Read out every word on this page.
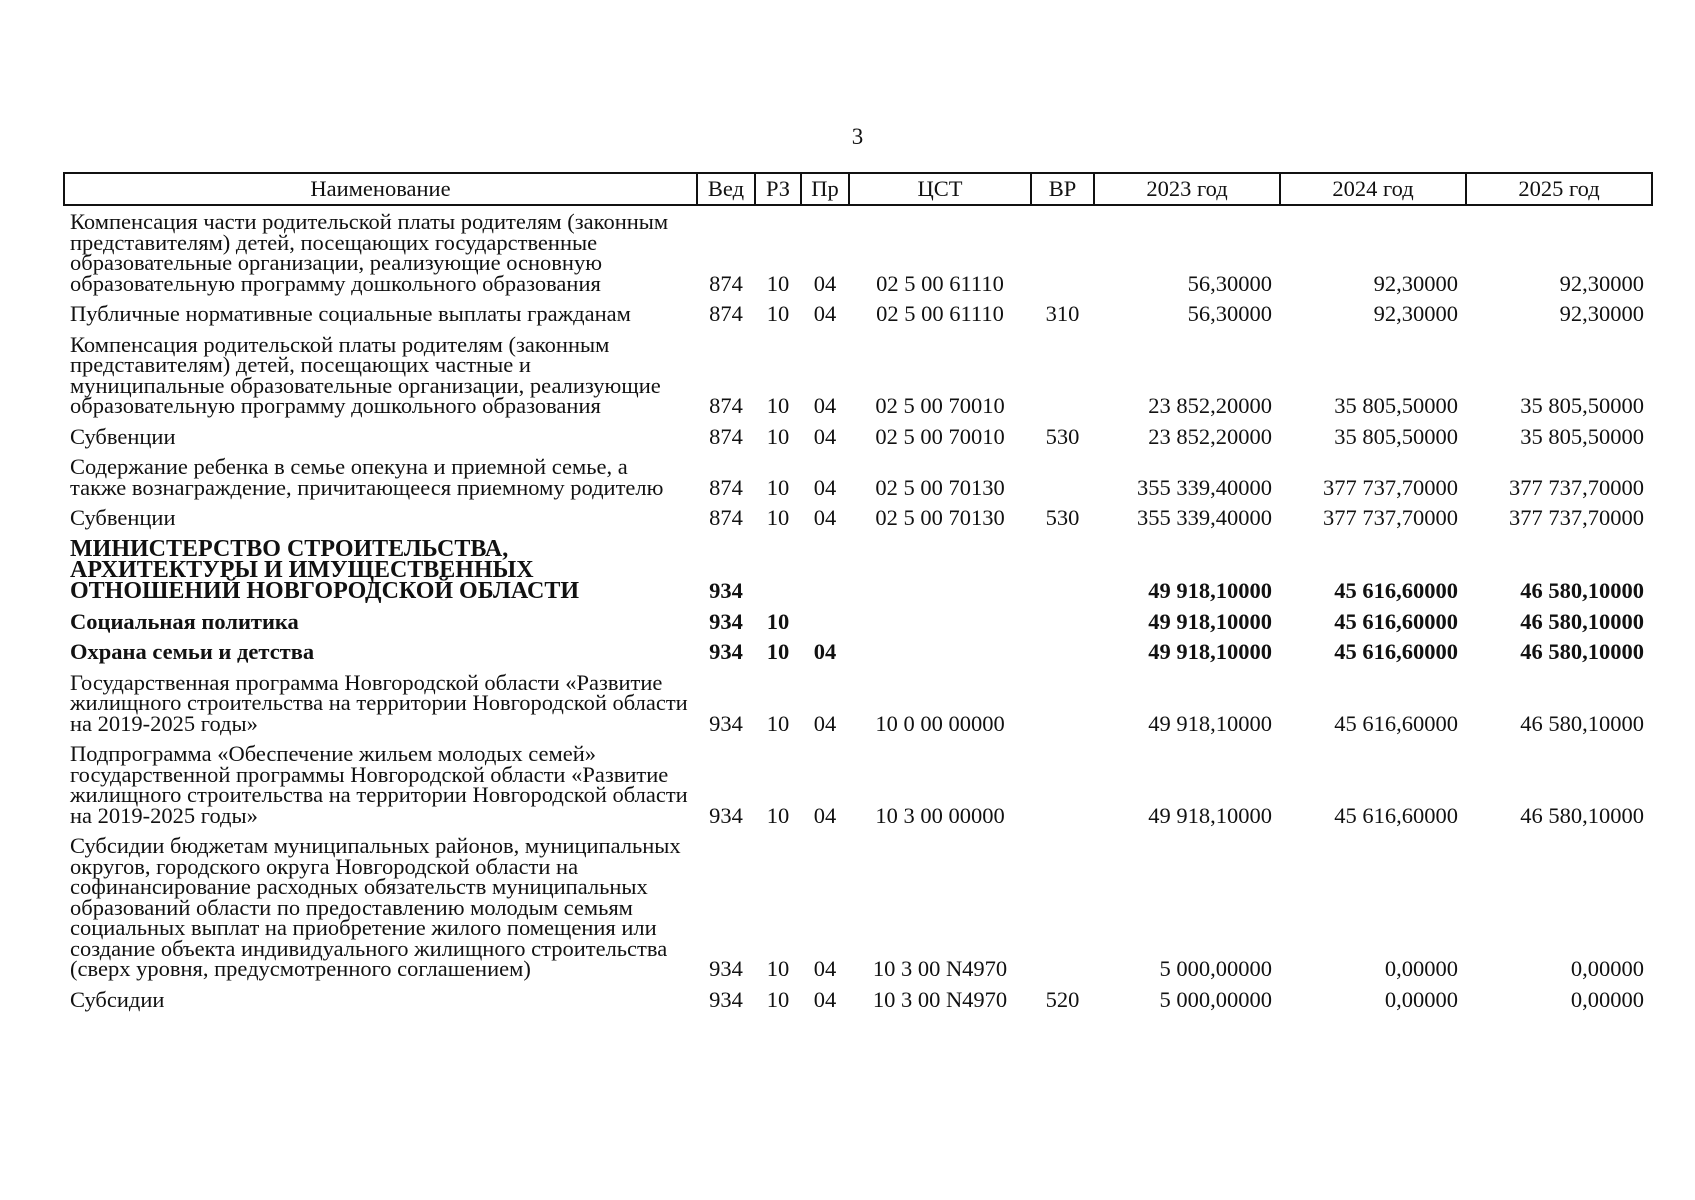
3
Наименование	Вед	РЗ	Пр	ЦСТ	ВР	2023 год	2024 год	2025 год
Компенсация части родительской платы родителям (законным представителям) детей, посещающих государственные образовательные организации, реализующие основную образовательную программу дошкольного образования	874	10	04	02 5 00 61110		56,30000	92,30000	92,30000
Публичные нормативные социальные выплаты гражданам	874	10	04	02 5 00 61110	310	56,30000	92,30000	92,30000
Компенсация родительской платы родителям (законным представителям) детей, посещающих частные и муниципальные образовательные организации, реализующие образовательную программу дошкольного образования	874	10	04	02 5 00 70010		23 852,20000	35 805,50000	35 805,50000
Субвенции	874	10	04	02 5 00 70010	530	23 852,20000	35 805,50000	35 805,50000
Содержание ребенка в семье опекуна и приемной семье, а также вознаграждение, причитающееся приемному родителю	874	10	04	02 5 00 70130		355 339,40000	377 737,70000	377 737,70000
Субвенции	874	10	04	02 5 00 70130	530	355 339,40000	377 737,70000	377 737,70000
МИНИСТЕРСТВО СТРОИТЕЛЬСТВА, АРХИТЕКТУРЫ И ИМУЩЕСТВЕННЫХ ОТНОШЕНИЙ НОВГОРОДСКОЙ ОБЛАСТИ	934					49 918,10000	45 616,60000	46 580,10000
Социальная политика	934	10				49 918,10000	45 616,60000	46 580,10000
Охрана семьи и детства	934	10	04			49 918,10000	45 616,60000	46 580,10000
Государственная программа Новгородской области «Развитие жилищного строительства на территории Новгородской области на 2019-2025 годы»	934	10	04	10 0 00 00000		49 918,10000	45 616,60000	46 580,10000
Подпрограмма «Обеспечение жильем молодых семей» государственной программы Новгородской области «Развитие жилищного строительства на территории Новгородской области на 2019-2025 годы»	934	10	04	10 3 00 00000		49 918,10000	45 616,60000	46 580,10000
Субсидии бюджетам муниципальных районов, муниципальных округов, городского округа Новгородской области на софинансирование расходных обязательств муниципальных образований области по предоставлению молодым семьям социальных выплат на приобретение жилого помещения или создание объекта индивидуального жилищного строительства (сверх уровня, предусмотренного соглашением)	934	10	04	10 3 00 N4970		5 000,00000	0,00000	0,00000
Субсидии	934	10	04	10 3 00 N4970	520	5 000,00000	0,00000	0,00000
